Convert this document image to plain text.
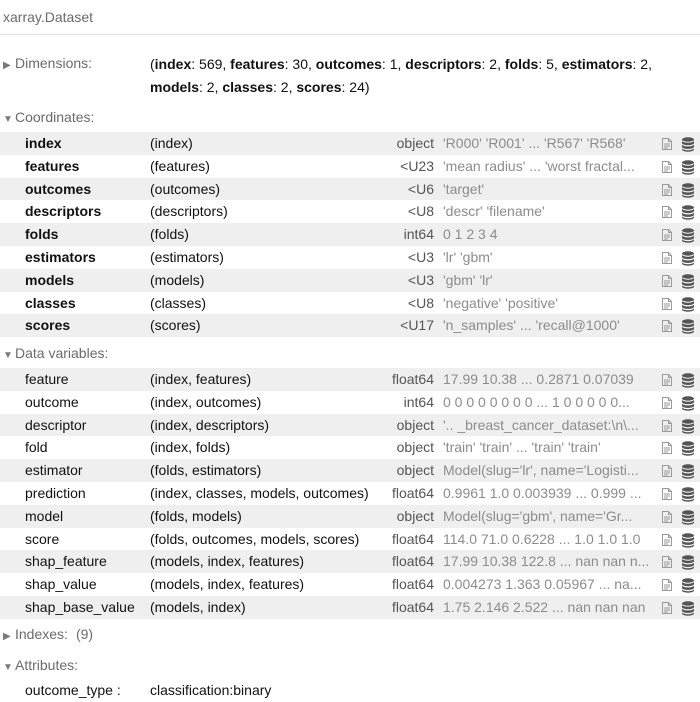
xarray.Dataset
▶ Dimensions:	(index: 569, features: 30, outcomes: 1, descriptors: 2, folds: 5, estimators: 2, models: 2, classes: 2, scores: 24)
▼ Coordinates:
index	(index)	object 'R000' 'R001' ... 'R567' 'R568'
features	(features)	<U23 'mean radius' ... 'worst fractal...
outcomes	(outcomes)	<U6 'target'
descriptors	(descriptors)	<U8 'descr' 'filename'
folds	(folds)	int64 0 1 2 3 4
estimators	(estimators)	<U3 'lr' 'gbm'
models	(models)	<U3 'gbm' 'lr'
classes	(classes)	<U8 'negative' 'positive'
scores	(scores)	<U17 'n_samples' ... 'recall@1000'
▼ Data variables:
feature	(index, features)	float64 17.99 10.38 ... 0.2871 0.07039
outcome	(index, outcomes)	int64 0 0 0 0 0 0 0 0 ... 1 0 0 0 0 0...
descriptor	(index, descriptors)	object '.. _breast_cancer_dataset:\n\...
fold	(index, folds)	object 'train' 'train' ... 'train' 'train'
estimator	(folds, estimators)	object Model(slug='lr', name='Logisti...
prediction	(index, classes, models, outcomes) float64 0.9961 1.0 0.003939 ... 0.999 ...
model	(folds, models)	object Model(slug='gbm', name='Gr...
score	(folds, outcomes, models, scores) float64 114.0 71.0 0.6228 ... 1.0 1.0 1.0
shap_feature	(models, index, features)	float64 17.99 10.38 122.8 ... nan nan n...
shap_value	(models, index, features)	float64 0.004273 1.363 0.05967 ... na...
shap_base_value (models, index)	float64 1.75 2.146 2.522 ... nan nan nan
▶ Indexes: (9)
▼ Attributes:
outcome_type : classification:binary
